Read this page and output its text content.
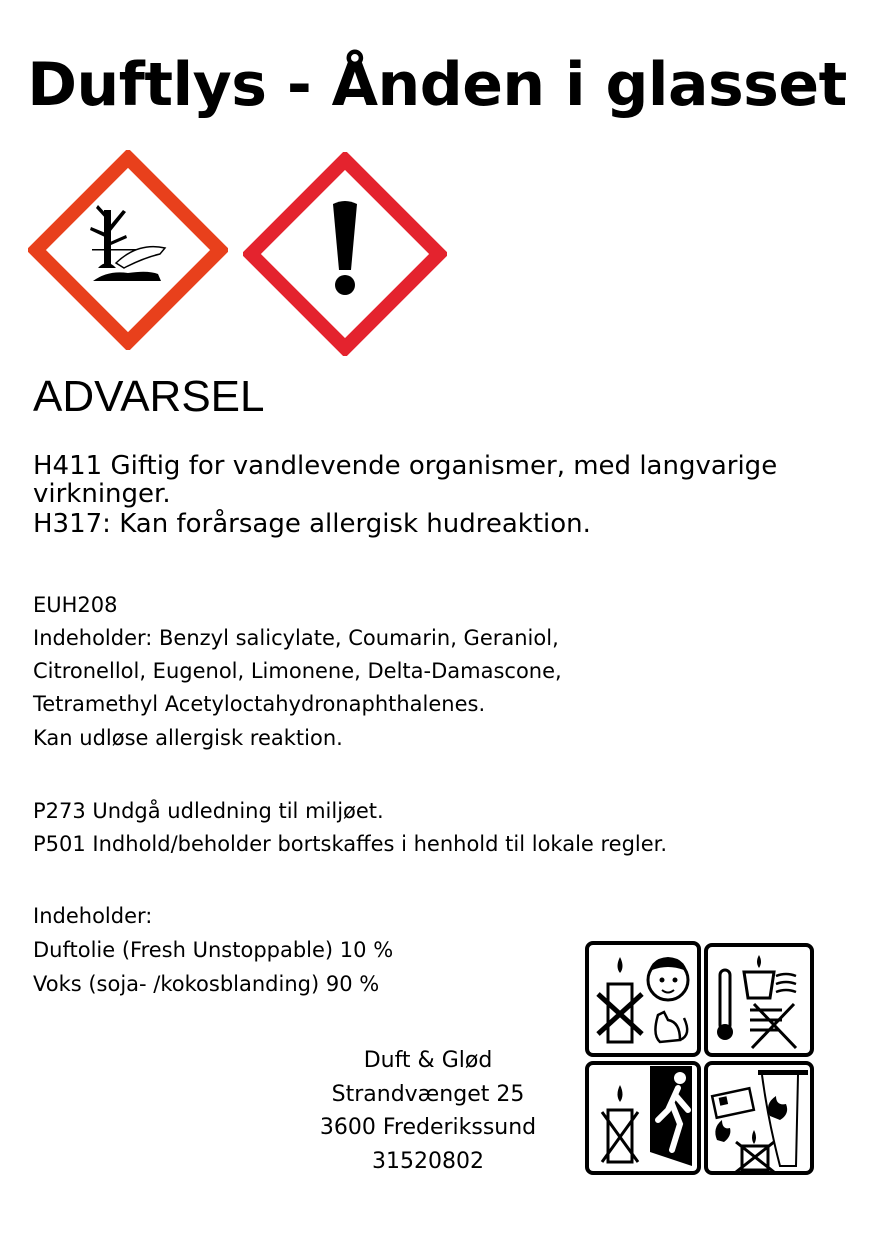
Duftlys - Ånden i glasset
ADVARSEL
H411 Giftig for vandlevende organismer, med langvarige
virkninger.
H317: Kan forårsage allergisk hudreaktion.
EUH208
Indeholder: Benzyl salicylate, Coumarin, Geraniol,
Citronellol, Eugenol, Limonene, Delta-Damascone,
Tetramethyl Acetyloctahydronaphthalenes.
Kan udløse allergisk reaktion.
P273 Undgå udledning til miljøet.
P501 Indhold/beholder bortskaffes i henhold til lokale regler.
Indeholder:
Duftolie (Fresh Unstoppable) 10 %
Voks (soja- /kokosblanding) 90 %
Duft & Glød
Strandvænget 25
3600 Frederikssund
31520802
